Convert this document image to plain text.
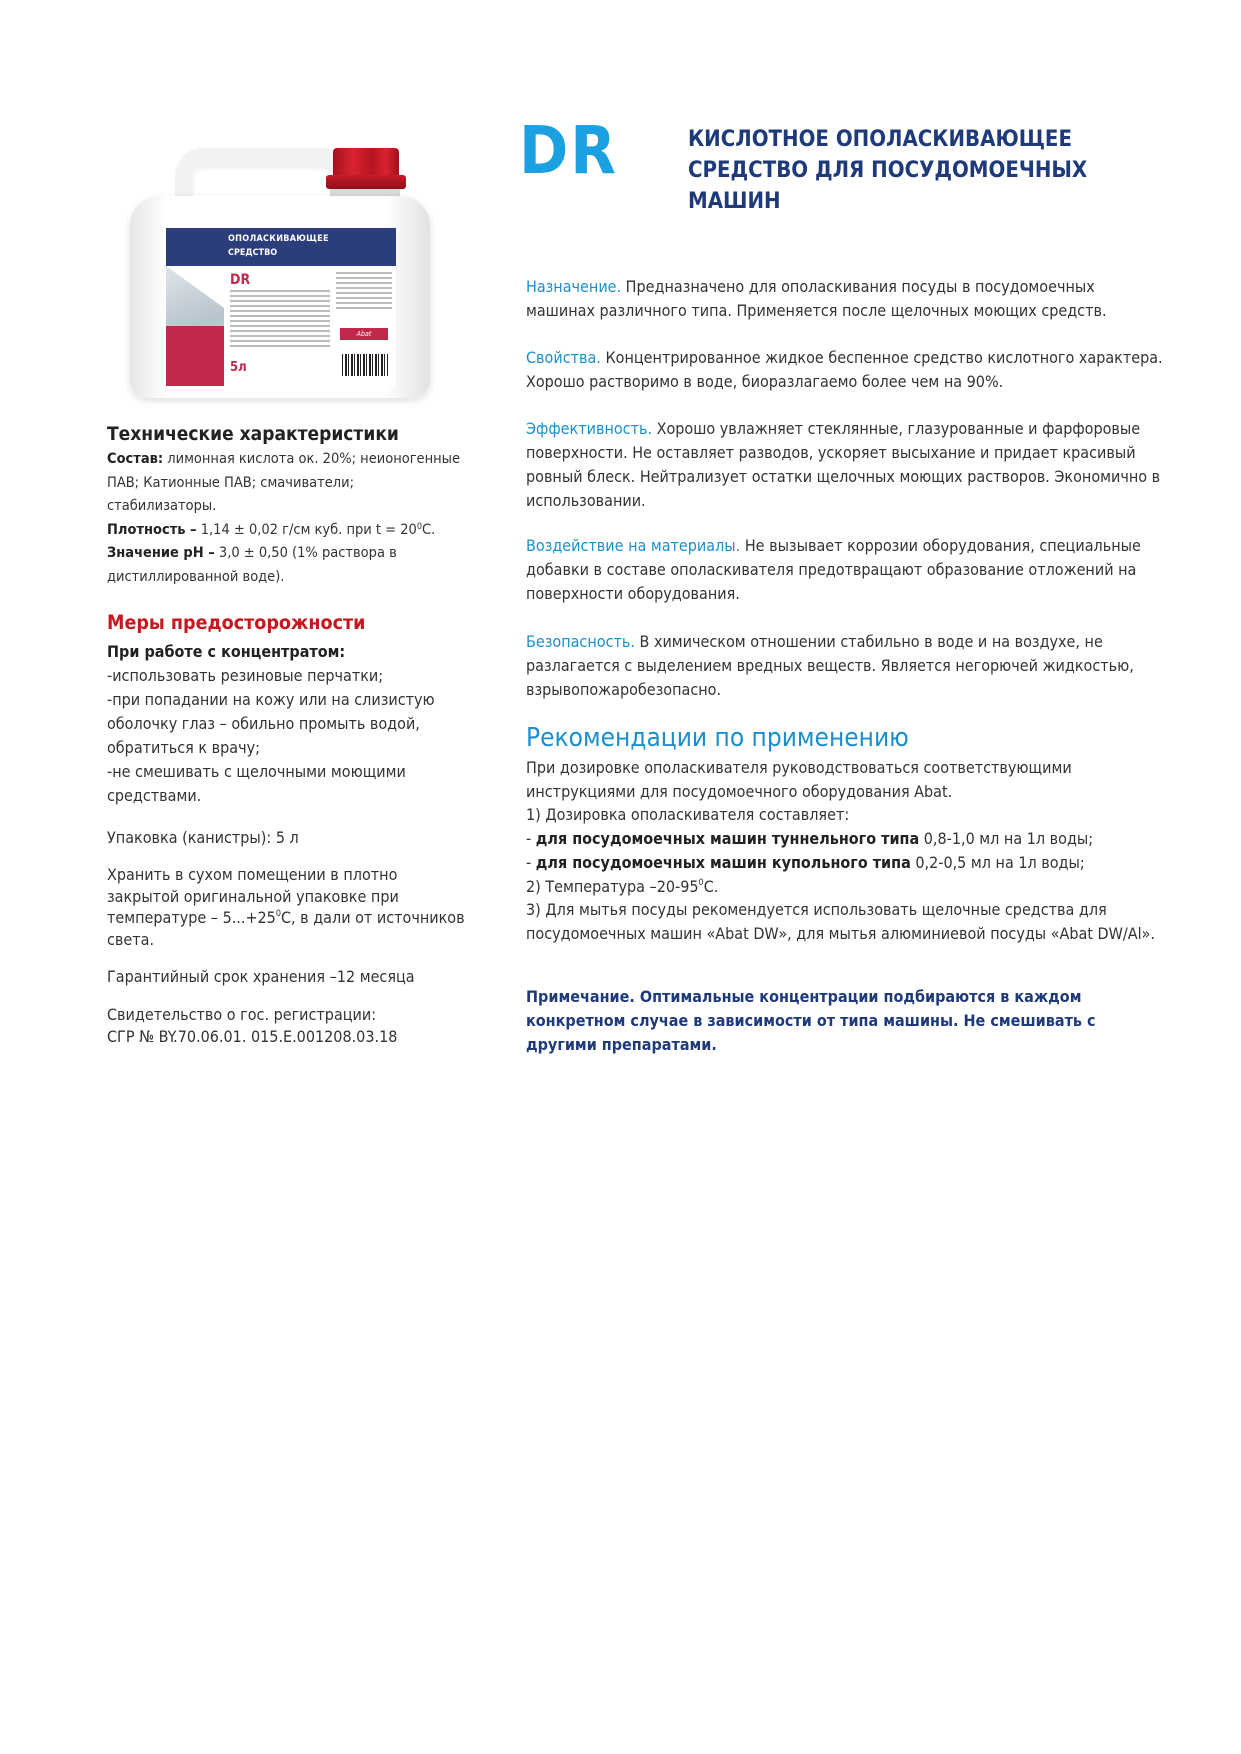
ОПОЛАСКИВАЮЩЕЕ
СРЕДСТВО
DR
5л
Abat
DR	КИСЛОТНОЕ ОПОЛАСКИВАЮЩЕЕ СРЕДСТВО ДЛЯ ПОСУДОМОЕЧНЫХ МАШИН
Технические характеристики
Состав: лимонная кислота ок. 20%; неионогенные ПАВ; Катионные ПАВ; смачиватели; стабилизаторы.
Плотность – 1,14 ± 0,02 г/см куб. при $t = 20^0С$.
Значение pH – 3,0 ± 0,50 (1% раствора в дистиллированной воде).
Меры предосторожности
При работе с концентратом:
-использовать резиновые перчатки;
-при попадании на кожу или на слизистую оболочку глаз – обильно промыть водой, обратиться к врачу;
-не смешивать с щелочными моющими средствами.
Упаковка (канистры): 5 л
Хранить в сухом помещении в плотно закрытой оригинальной упаковке при температуре – $5...+25^0С$, в дали от источников света.
Гарантийный срок хранения –12 месяца
Свидетельство о гос. регистрации:
СГР № BY.70.06.01. 015.E.001208.03.18
Назначение. Предназначено для ополаскивания посуды в посудомоечных машинах различного типа. Применяется после щелочных моющих средств.
Свойства. Концентрированное жидкое беспенное средство кислотного характера. Хорошо растворимо в воде, биоразлагаемо более чем на 90%.
Эффективность. Хорошо увлажняет стеклянные, глазурованные и фарфоровые поверхности. Не оставляет разводов, ускоряет высыхание и придает красивый ровный блеск. Нейтрализует остатки щелочных моющих растворов. Экономично в использовании.
Воздействие на материалы. Не вызывает коррозии оборудования, специальные добавки в составе ополаскивателя предотвращают образование отложений на поверхности оборудования.
Безопасность. В химическом отношении стабильно в воде и на воздухе, не разлагается с выделением вредных веществ. Является негорючей жидкостью, взрывопожаробезопасно.
Рекомендации по применению
При дозировке ополаскивателя руководствоваться соответствующими инструкциями для посудомоечного оборудования Abat.
1) Дозировка ополаскивателя составляет:
- для посудомоечных машин туннельного типа 0,8-1,0 мл на 1л воды;
- для посудомоечных машин купольного типа 0,2-0,5 мл на 1л воды;
2) Температура $-20-95^0С$.
3) Для мытья посуды рекомендуется использовать щелочные средства для посудомоечных машин «Abat DW», для мытья алюминиевой посуды «Abat DW/Al».
Примечание. Оптимальные концентрации подбираются в каждом конкретном случае в зависимости от типа машины. Не смешивать с другими препаратами.
